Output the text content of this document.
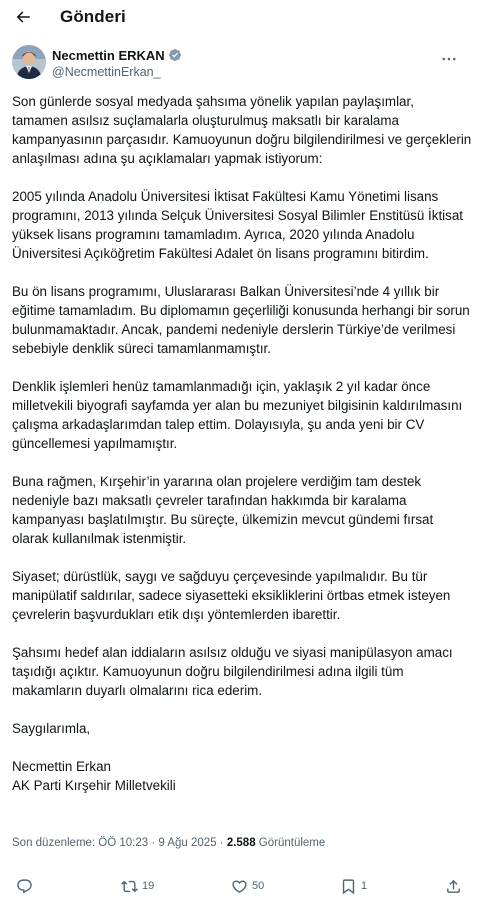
Gönderi
Necmettin ERKAN
@NecmettinErkan_

Son günlerde sosyal medyada şahsıma yönelik yapılan paylaşımlar, tamamen asılsız suçlamalarla oluşturulmuş maksatlı bir karalama kampanyasının parçasıdır. Kamuoyunun doğru bilgilendirilmesi ve gerçeklerin anlaşılması adına şu açıklamaları yapmak istiyorum:

2005 yılında Anadolu Üniversitesi İktisat Fakültesi Kamu Yönetimi lisans programını, 2013 yılında Selçuk Üniversitesi Sosyal Bilimler Enstitüsü İktisat yüksek lisans programını tamamladım. Ayrıca, 2020 yılında Anadolu Üniversitesi Açıköğretim Fakültesi Adalet ön lisans programını bitirdim.

Bu ön lisans programımı, Uluslararası Balkan Üniversitesi’nde 4 yıllık bir eğitime tamamladım. Bu diplomamın geçerliliği konusunda herhangi bir sorun bulunmamaktadır. Ancak, pandemi nedeniyle derslerin Türkiye’de verilmesi sebebiyle denklik süreci tamamlanmamıştır.

Denklik işlemleri henüz tamamlanmadığı için, yaklaşık 2 yıl kadar önce milletvekili biyografi sayfamda yer alan bu mezuniyet bilgisinin kaldırılmasını çalışma arkadaşlarımdan talep ettim. Dolayısıyla, şu anda yeni bir CV güncellemesi yapılmamıştır.

Buna rağmen, Kırşehir’in yararına olan projelere verdiğim tam destek nedeniyle bazı maksatlı çevreler tarafından hakkımda bir karalama kampanyası başlatılmıştır. Bu süreçte, ülkemizin mevcut gündemi fırsat olarak kullanılmak istenmiştir.

Siyaset; dürüstlük, saygı ve sağduyu çerçevesinde yapılmalıdır. Bu tür manipülatif saldırılar, sadece siyasetteki eksikliklerini örtbas etmek isteyen çevrelerin başvurdukları etik dışı yöntemlerden ibarettir.

Şahsımı hedef alan iddiaların asılsız olduğu ve siyasi manipülasyon amacı taşıdığı açıktır. Kamuoyunun doğru bilgilendirilmesi adına ilgili tüm makamların duyarlı olmalarını rica ederim.

Saygılarımla,

Necmettin Erkan

AK Parti Kırşehir Milletvekili

Son düzenleme: ÖÖ 10:23 · 9 Ağu 2025 · 2.588 Görüntüleme
19	50	1
